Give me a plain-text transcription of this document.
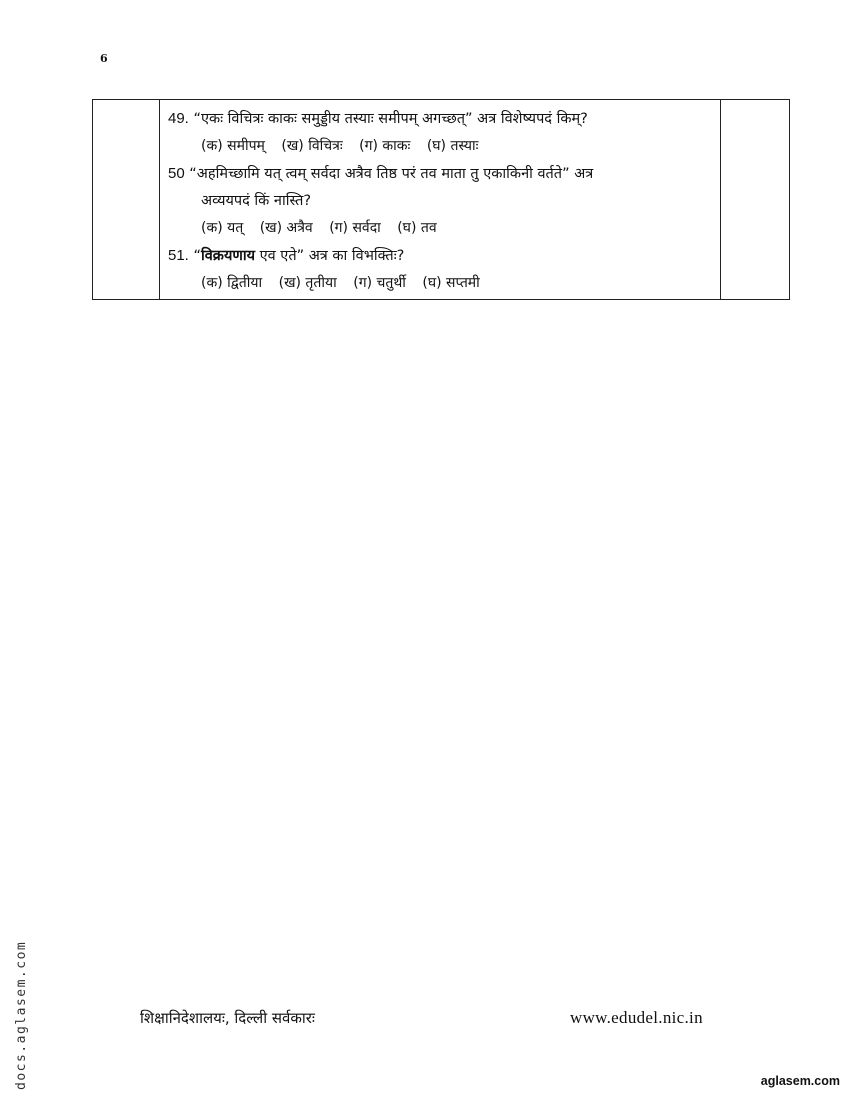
6

49. “एकः विचित्रः काकः समुड्डीय तस्याः समीपम् अगच्छत्” अत्र विशेष्यपदं किम्?
(क) समीपम् (ख) विचित्रः (ग) काकः (घ) तस्याः
50 “अहमिच्छामि यत् त्वम् सर्वदा अत्रैव तिष्ठ परं तव माता तु एकाकिनी वर्तते” अत्र
अव्ययपदं किं नास्ति?
(क) यत् (ख) अत्रैव (ग) सर्वदा (घ) तव
51. “विक्रयणाय एव एते” अत्र का विभक्तिः?
(क) द्वितीया (ख) तृतीया (ग) चतुर्थी (घ) सप्तमी

शिक्षानिदेशालयः, दिल्ली सर्वकारः	www.edudel.nic.in
docs.aglasem.com	aglasem.com
